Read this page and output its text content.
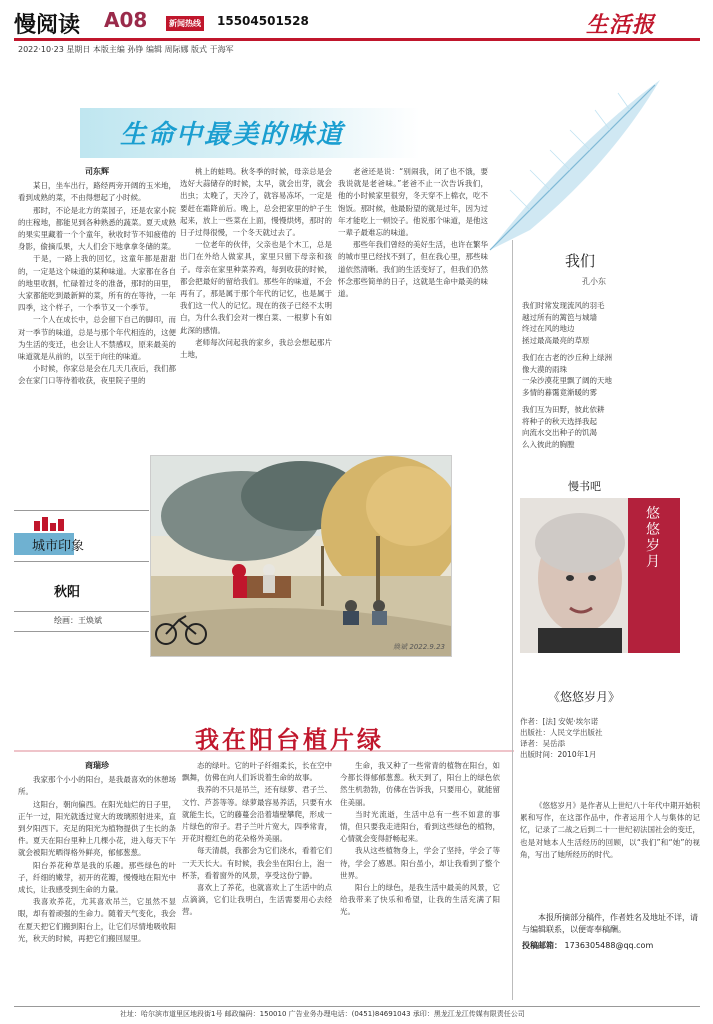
慢阅读 A08	新闻热线 15504501528	生活报
2022·10·23 星期日 本版主编 孙铮 编辑 周际娜 版式 于海军
生命中最美的味道
司东辉

某日，坐车出行，路经两旁开阔的玉米地，看到成熟的菜，不由得想起了小时候。

那时，不论是北方的菜园子，还是农家小院的庄稼地，都能见到各种熟悉的蔬菜。夏天成熟的果实里藏着一个个童年，秋收时节不知疲倦的身影，偷摘瓜果，大人们会下地拿拿冬储的菜。

于是，一路上我的回忆，这童年都是甜甜的，一定是这个味道的某种味道。大家都在各自的地里收割，忙碌着过冬的准备，那时的田里，大家都能吃到最新鲜的菜，所有的在等待，一年四季，这个样子，一个季节又一个季节。

一个人在成长中，总会留下自己的脚印，而对一季节的味道，总是与那个年代相连的，这便为生活的变迁，也会让人不禁感叹，原来最美的味道就是从前的，以至于向往的味道。

小时候，你家总是会在几天几夜后，我们都会在家门口等待着收获，夜里院子里的

桃上的蛙鸣。秋冬季的时候，母亲总是会选好大蒜储存的时候，太早，就会出芽，就会出虫；太晚了，天冷了，就容易冻坏，一定是要赶在霜降前后。晚上，总会把家里的炉子生起来，放上一些菜在上面，慢慢烘烤，那时的日子过得很慢，一个冬天就过去了。

一位老年的伙伴，父亲也是个木工，总是出门在外给人做家具，家里只留下母亲和孩子。母亲在家里种菜养鸡，每到收获的时候，都会把最好的留给我们。那些年的味道，不会再有了，那是属于那个年代的记忆，也是属于我们这一代人的记忆。现在的孩子已经不太明白，为什么我们会对一棵白菜、一根萝卜有如此深的感情。

老师每次问起我的家乡，我总会想起那片土地，

老爸还是说：“别闹我，闭了也不饿，要我说就是老爸味。”老爸不止一次告诉我们，他的小时候家里很穷，冬天穿不上棉衣，吃不饱饭。那时候，他最盼望的就是过年，因为过年才能吃上一顿饺子。他说那个味道，是他这一辈子最难忘的味道。

那些年我们曾经的美好生活，也许在繁华的城市里已经找不到了，但在我心里，那些味道依然清晰。我们的生活变好了，但我们仍然怀念那些简单的日子，这就是生命中最美的味道。

城市印象
秋阳
绘画：王焕斌
焕斌 2022.9.23
我们
孔小东
我们时常发现流风的羽毛
越过所有的篱笆与城墙
终过在风的地边
拯过最高最亮的草原
我们在古老的沙丘种上绿洲
像大漠的雨珠
一朵沙漠花里飘了阔的天地
多情的暮霭竟渐暖的雾
我们互为田野，彼此依耕
将种子的秋天选择我起
向流水交出种子的饥渴
么入彼此的胸膛
慢书吧
悠悠岁月
《悠悠岁月》
作者：[法] 安妮·埃尔诺
出版社：人民文学出版社
译者：吴岳添
出版时间：2010年1月

《悠悠岁月》是作者从上世纪八十年代中期开始积累和写作，在这部作品中，作者运用个人与集体的记忆，记录了二战之后到二十一世纪初法国社会的变迁，也是对她本人生活经历的回顾，以“我们”和“她”的视角，写出了她所经历的时代。

本报所摘部分稿件，作者姓名及地址不详，请与编辑联系，以便寄奉稿酬。
投稿邮箱： 1736305488@qq.com
我在阳台植片绿
商瑞珍

我家那个小小的阳台，是我最喜欢的休憩场所。

这阳台，朝向偏西。在阳光灿烂的日子里，正午一过，阳光就透过宽大的玻璃照射进来，直到夕阳西下。充足的阳光为植物提供了生长的条件。夏天在阳台里种上几棵小花，进入每天下午就会被阳光晒得格外鲜亮，郁郁葱葱。

阳台养花种草是我的乐趣。那些绿色的叶子，纤细的嫩芽，初开的花瓣，慢慢地在阳光中成长，让我感受到生命的力量。

我喜欢养花，尤其喜欢吊兰，它虽然不显眼，却有着顽强的生命力。随着天气变化，我会在夏天把它们搬到阳台上，让它们尽情地吸收阳光，秋天的时候，再把它们搬回屋里。

态的绿叶。它的叶子纤细柔长，长在空中飘舞，仿佛在向人们诉说着生命的故事。

我养的不只是吊兰，还有绿萝、君子兰、文竹、芦荟等等。绿萝最容易养活，只要有水就能生长，它的藤蔓会沿着墙壁攀爬，形成一片绿色的帘子。君子兰叶片宽大，四季常青，开花时橙红色的花朵格外美丽。

每天清晨，我都会为它们浇水，看着它们一天天长大。有时候，我会坐在阳台上，泡一杯茶，看着窗外的风景，享受这份宁静。

喜欢上了养花，也就喜欢上了生活中的点点滴滴，它们让我明白，生活需要用心去经营。

生命，我又种了一些常青的植物在阳台，如今都长得郁郁葱葱。秋天到了，阳台上的绿色依然生机勃勃，仿佛在告诉我，只要用心，就能留住美丽。

当时光流逝，生活中总有一些不如意的事情，但只要我走进阳台，看到这些绿色的植物，心情就会变得舒畅起来。

我从这些植物身上，学会了坚持，学会了等待，学会了感恩。阳台虽小，却让我看到了整个世界。

阳台上的绿色，是我生活中最美的风景，它给我带来了快乐和希望，让我的生活充满了阳光。

社址：哈尔滨市道里区地段街1号 邮政编码：150010 广告业务办理电话：(0451)84691043 承印：黑龙江龙江传媒有限责任公司
